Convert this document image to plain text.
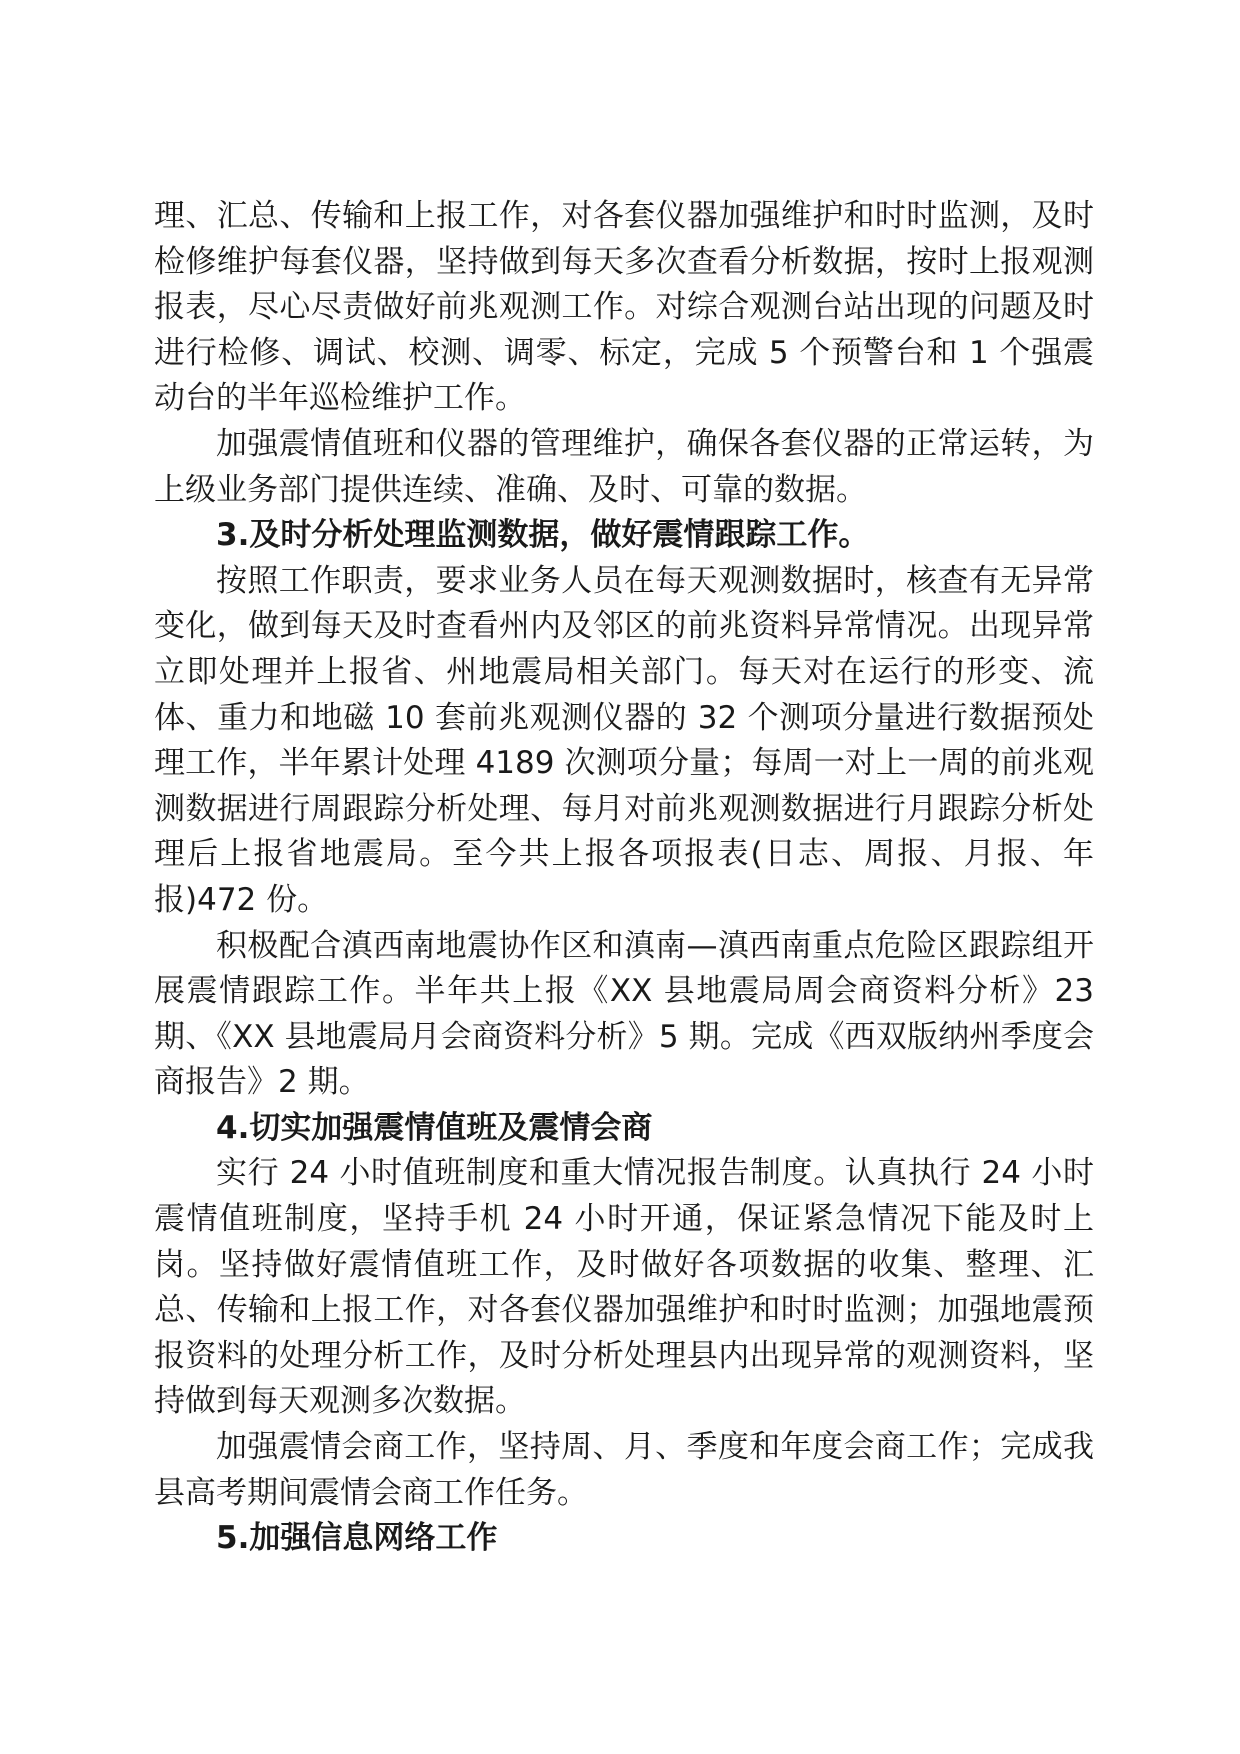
理、汇总、传输和上报工作，对各套仪器加强维护和时时监测，及时检修维护每套仪器，坚持做到每天多次查看分析数据，按时上报观测报表，尽心尽责做好前兆观测工作。对综合观测台站出现的问题及时进行检修、调试、校测、调零、标定，完成 5 个预警台和 1 个强震动台的半年巡检维护工作。

加强震情值班和仪器的管理维护，确保各套仪器的正常运转，为上级业务部门提供连续、准确、及时、可靠的数据。

3.及时分析处理监测数据，做好震情跟踪工作。

按照工作职责，要求业务人员在每天观测数据时，核查有无异常变化，做到每天及时查看州内及邻区的前兆资料异常情况。出现异常立即处理并上报省、州地震局相关部门。每天对在运行的形变、流体、重力和地磁 10 套前兆观测仪器的 32 个测项分量进行数据预处理工作，半年累计处理 4189 次测项分量；每周一对上一周的前兆观测数据进行周跟踪分析处理、每月对前兆观测数据进行月跟踪分析处理后上报省地震局。至今共上报各项报表(日志、周报、月报、年报)472 份。

积极配合滇西南地震协作区和滇南—滇西南重点危险区跟踪组开展震情跟踪工作。半年共上报《XX 县地震局周会商资料分析》23 期、《XX 县地震局月会商资料分析》5 期。完成《西双版纳州季度会商报告》2 期。

4.切实加强震情值班及震情会商

实行 24 小时值班制度和重大情况报告制度。认真执行 24 小时震情值班制度，坚持手机 24 小时开通，保证紧急情况下能及时上岗。坚持做好震情值班工作，及时做好各项数据的收集、整理、汇总、传输和上报工作，对各套仪器加强维护和时时监测；加强地震预报资料的处理分析工作，及时分析处理县内出现异常的观测资料，坚持做到每天观测多次数据。

加强震情会商工作，坚持周、月、季度和年度会商工作；完成我县高考期间震情会商工作任务。

5.加强信息网络工作
